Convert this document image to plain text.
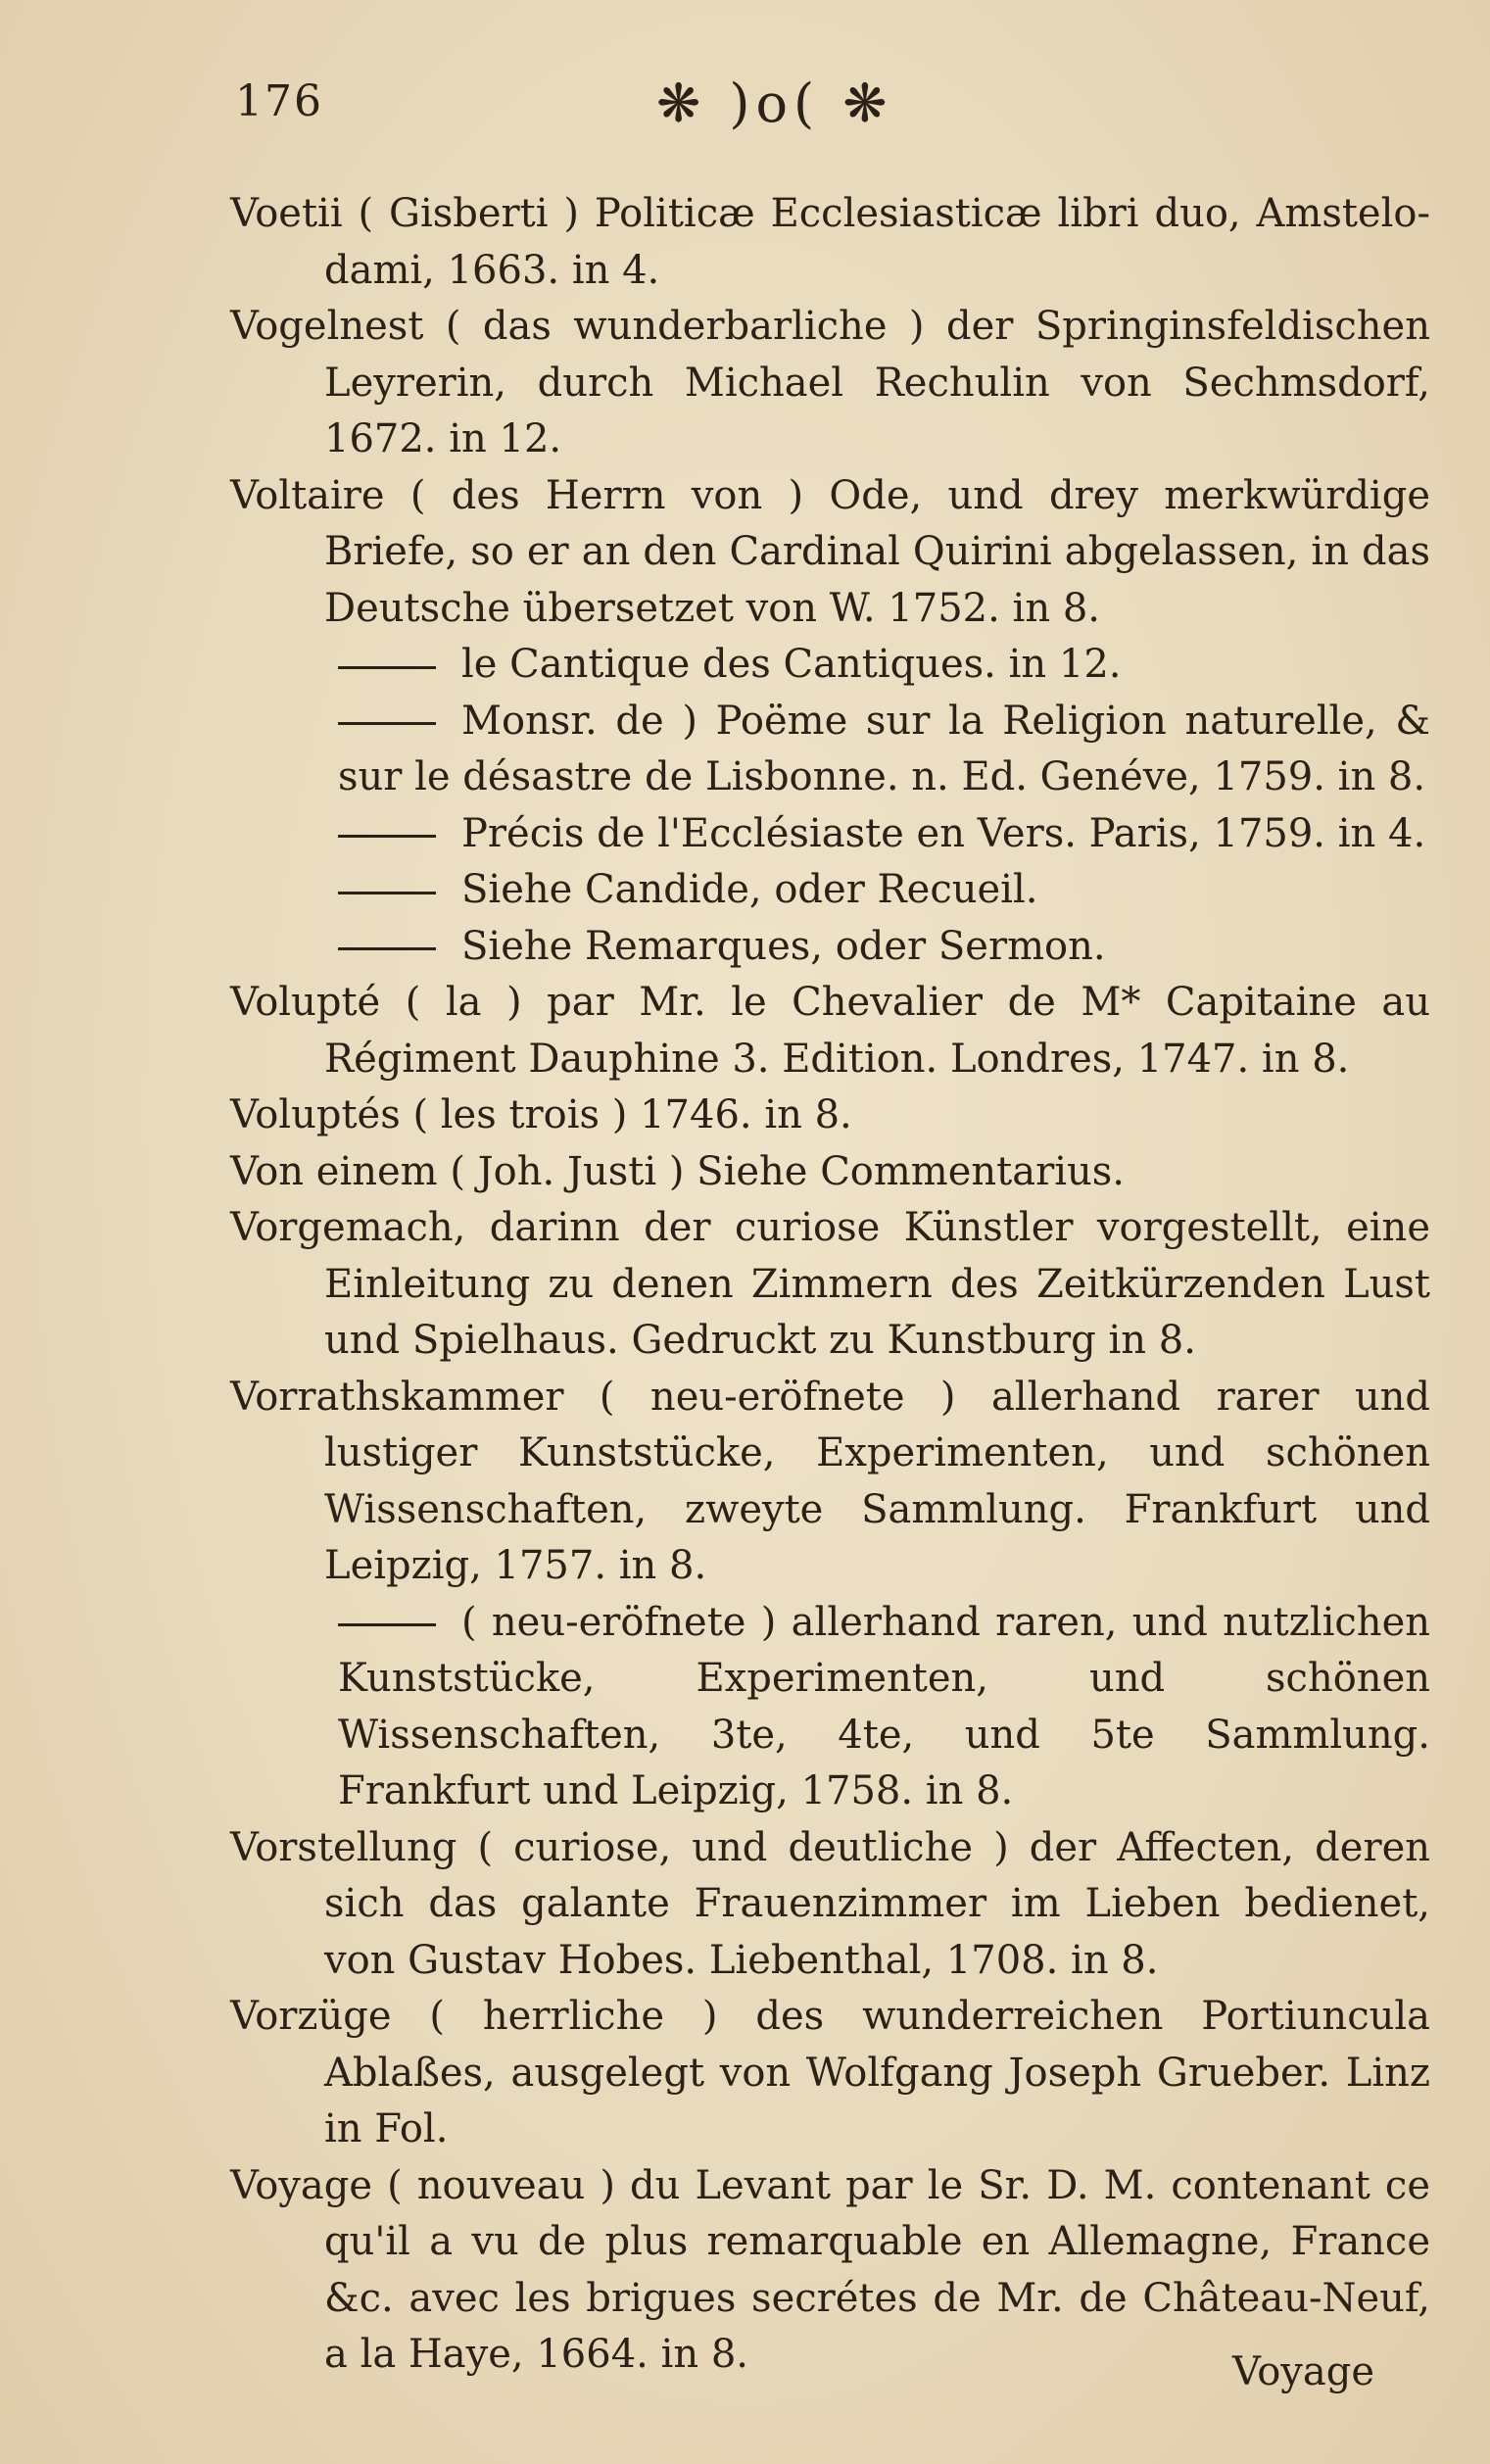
176	❋ )o( ❋

Voetii ( Gisberti ) Politicæ Ecclesiasticæ libri duo, Amstelo-dami, 1663. in 4.

Vogelnest ( das wunderbarliche ) der Springinsfeldischen Leyrerin, durch Michael Rechulin von Sechmsdorf, 1672. in 12.

Voltaire ( des Herrn von ) Ode, und drey merkwürdige Briefe, so er an den Cardinal Quirini abgelassen, in das Deutsche übersetzet von W. 1752. in 8.

le Cantique des Cantiques. in 12.

Monsr. de ) Poëme sur la Religion naturelle, & sur le désastre de Lisbonne. n. Ed. Genéve, 1759. in 8.

Précis de l'Ecclésiaste en Vers. Paris, 1759. in 4.

Siehe Candide, oder Recueil.

Siehe Remarques, oder Sermon.

Volupté ( la ) par Mr. le Chevalier de M* Capitaine au Régiment Dauphine 3. Edition. Londres, 1747. in 8.

Voluptés ( les trois ) 1746. in 8.

Von einem ( Joh. Justi ) Siehe Commentarius.

Vorgemach, darinn der curiose Künstler vorgestellt, eine Einleitung zu denen Zimmern des Zeitkürzenden Lust und Spielhaus. Gedruckt zu Kunstburg in 8.

Vorrathskammer ( neu-eröfnete ) allerhand rarer und lustiger Kunststücke, Experimenten, und schönen Wissenschaften, zweyte Sammlung. Frankfurt und Leipzig, 1757. in 8.

( neu-eröfnete ) allerhand raren, und nutzlichen Kunststücke, Experimenten, und schönen Wissenschaften, 3te, 4te, und 5te Sammlung. Frankfurt und Leipzig, 1758. in 8.

Vorstellung ( curiose, und deutliche ) der Affecten, deren sich das galante Frauenzimmer im Lieben bedienet, von Gustav Hobes. Liebenthal, 1708. in 8.

Vorzüge ( herrliche ) des wunderreichen Portiuncula Ablaßes, ausgelegt von Wolfgang Joseph Grueber. Linz in Fol.

Voyage ( nouveau ) du Levant par le Sr. D. M. contenant ce qu'il a vu de plus remarquable en Allemagne, France &c. avec les brigues secrétes de Mr. de Château-Neuf, a la Haye, 1664. in 8.	Voyage
